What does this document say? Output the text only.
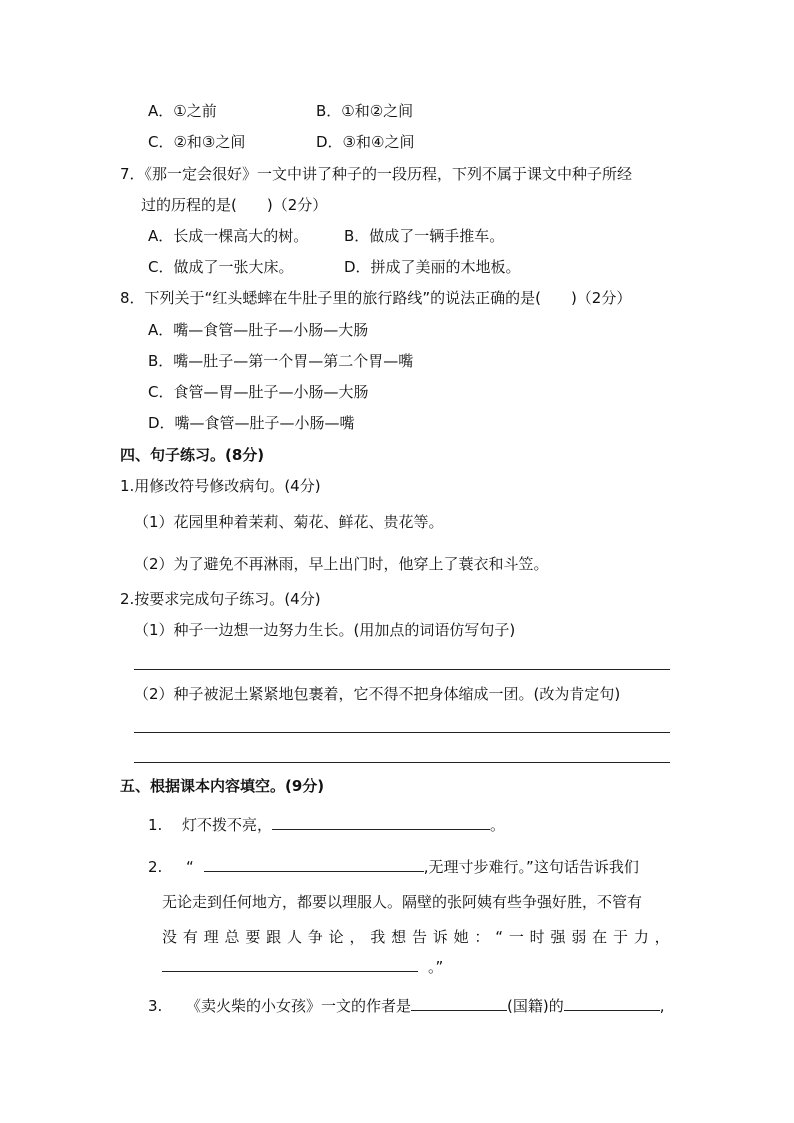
A．①之前	B．①和②之间
C．②和③之间	D．③和④之间
7．《那一定会很好》一文中讲了种子的一段历程，下列不属于课文中种子所经
过的历程的是(　　)（2分）
A．长成一棵高大的树。 B．做成了一辆手推车。
C．做成了一张大床。	D．拼成了美丽的木地板。
8．下列关于“红头蟋蟀在牛肚子里的旅行路线”的说法正确的是(　　)（2分）
A．嘴—食管—肚子—小肠—大肠
B．嘴—肚子—第一个胃—第二个胃—嘴
C．食管—胃—肚子—小肠—大肠
D．嘴—食管—肚子—小肠—嘴
四、句子练习。(8分)
1.用修改符号修改病句。(4分)
（1）花园里种着茉莉、菊花、鲜花、贵花等。
（2）为了避免不再淋雨，早上出门时，他穿上了蓑衣和斗笠。
2.按要求完成句子练习。(4分)
（1）种子一边想一边努力生长。(用加点的词语仿写句子)
（2）种子被泥土紧紧地包裹着，它不得不把身体缩成一团。(改为肯定句)
五、根据课本内容填空。(9分)
1. 灯不拨不亮，	。
2. “	,无理寸步难行。”这句话告诉我们
无论走到任何地方，都要以理服人。隔壁的张阿姨有些争强好胜，不管有
没 有 理 总 要 跟 人 争 论 ， 我 想 告 诉 她 ： “ 一 时 强 弱 在 于 力 ，
。”
3. 《卖火柴的小女孩》一文的作者是	(国籍)的	,
